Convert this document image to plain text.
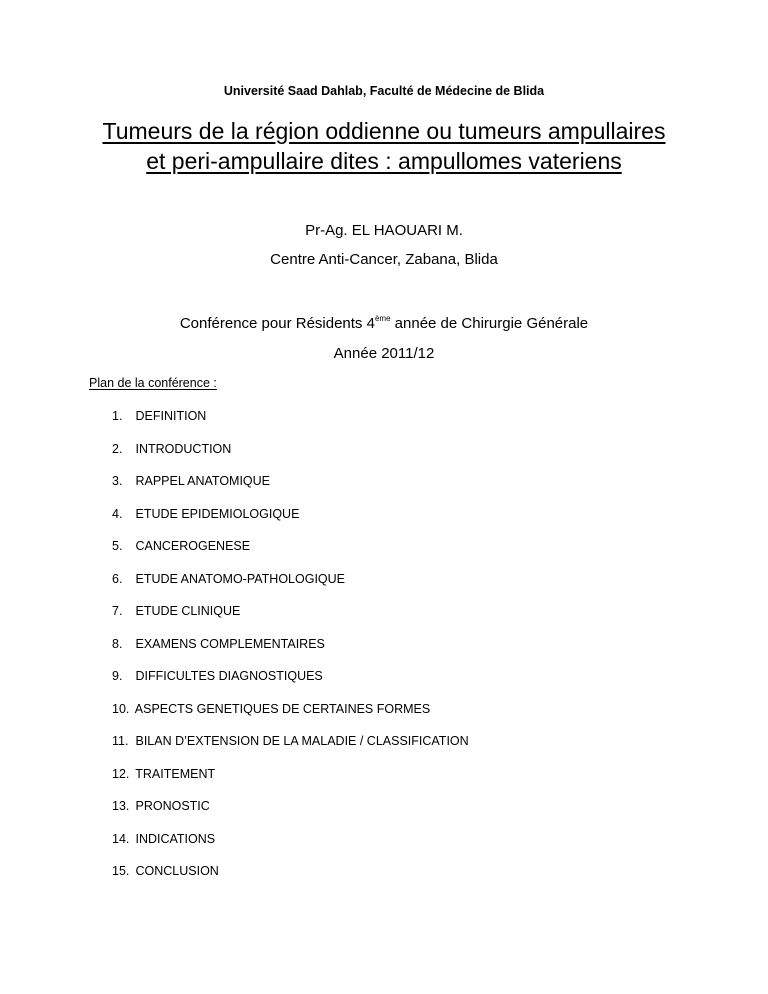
Université Saad Dahlab, Faculté de Médecine de Blida
Tumeurs de la région oddienne ou tumeurs ampullaires
et peri-ampullaire dites : ampullomes vateriens
Pr-Ag. EL HAOUARI M.
Centre Anti-Cancer, Zabana, Blida
Conférence pour Résidents 4ème année de Chirurgie Générale
Année 2011/12
Plan de la conférence :
1. DEFINITION
2. INTRODUCTION
3. RAPPEL ANATOMIQUE
4. ETUDE EPIDEMIOLOGIQUE
5. CANCEROGENESE
6. ETUDE ANATOMO-PATHOLOGIQUE
7. ETUDE CLINIQUE
8. EXAMENS COMPLEMENTAIRES
9. DIFFICULTES DIAGNOSTIQUES
10. ASPECTS GENETIQUES DE CERTAINES FORMES
11. BILAN D’EXTENSION DE LA MALADIE / CLASSIFICATION
12. TRAITEMENT
13. PRONOSTIC
14. INDICATIONS
15. CONCLUSION
